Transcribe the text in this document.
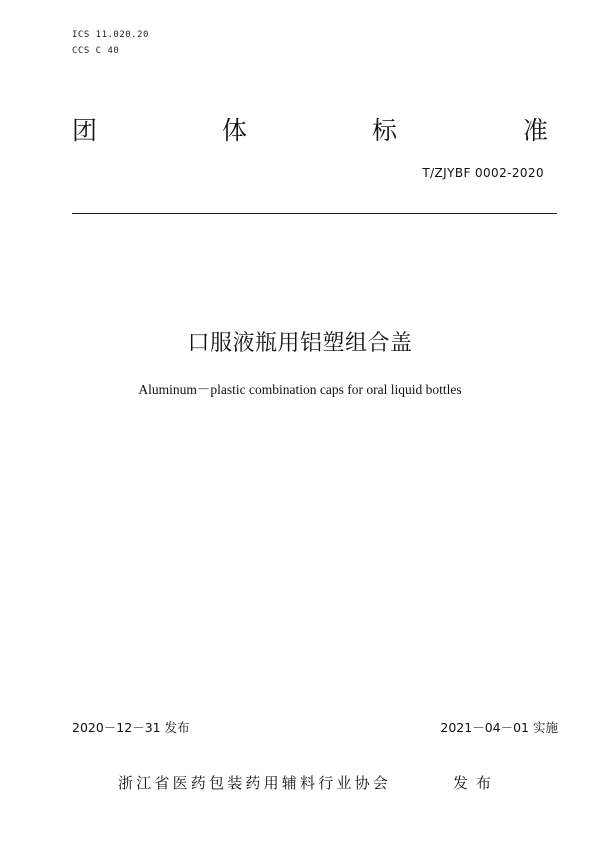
ICS 11.020.20
CCS C 40
团	体	标	准
T/ZJYBF 0002-2020
口服液瓶用铝塑组合盖
Aluminum－plastic combination caps for oral liquid bottles
2020－12－31 发布	2021－04－01 实施
浙江省医药包装药用辅料行业协会	发布
